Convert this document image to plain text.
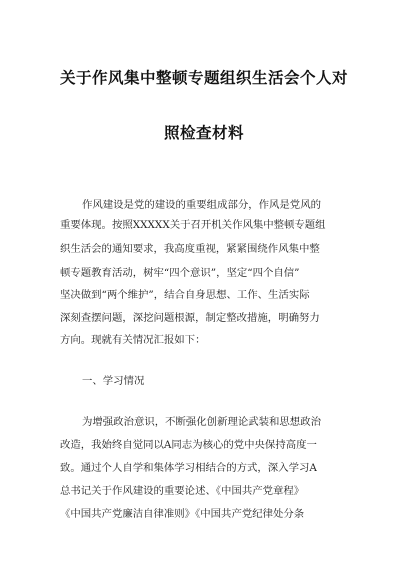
关于作风集中整顿专题组织生活会个人对
照检查材料
作风建设是党的建设的重要组成部分，作风是党风的
重要体现。按照XXXXX关于召开机关作风集中整顿专题组
织生活会的通知要求，我高度重视，紧紧围绕作风集中整
顿专题教育活动，树牢“四个意识”，坚定“四个自信”
坚决做到“两个维护”，结合自身思想、工作、生活实际
深刻查摆问题，深挖问题根源，制定整改措施，明确努力
方向。现就有关情况汇报如下：
一、学习情况
为增强政治意识，不断强化创新理论武装和思想政治
改造，我始终自觉同以A同志为核心的党中央保持高度一
致。通过个人自学和集体学习相结合的方式，深入学习A
总书记关于作风建设的重要论述、《中国共产党章程》
《中国共产党廉洁自律准则》《中国共产党纪律处分条
